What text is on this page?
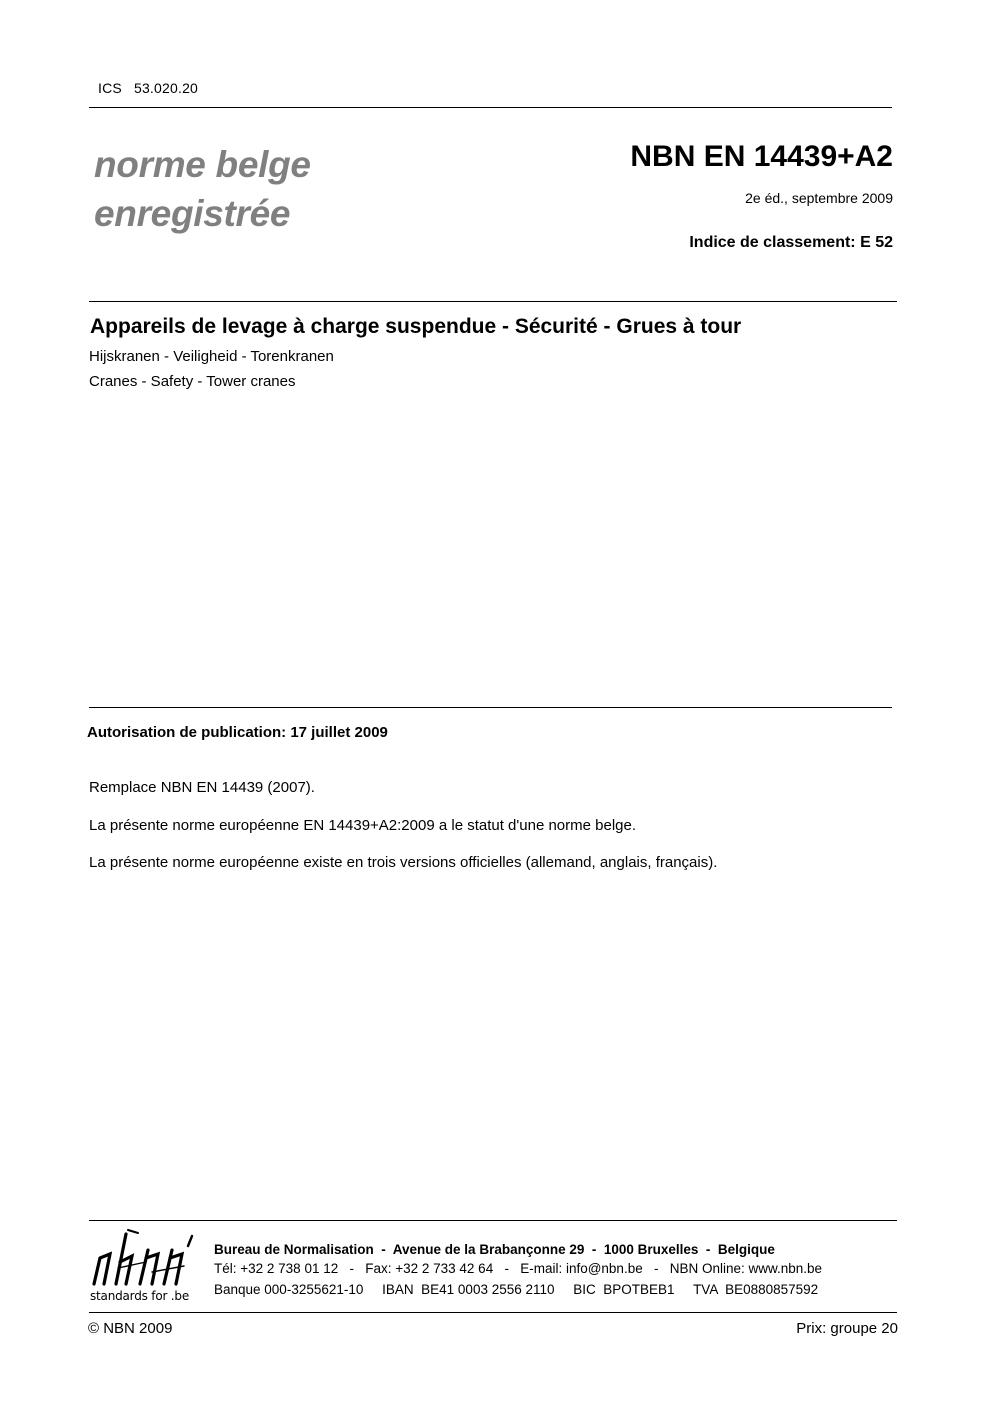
ICS 53.020.20
norme belge
enregistrée
NBN EN 14439+A2
2e éd., septembre 2009
Indice de classement: E 52
Appareils de levage à charge suspendue - Sécurité - Grues à tour
Hijskranen - Veiligheid - Torenkranen
Cranes - Safety - Tower cranes
Autorisation de publication: 17 juillet 2009
Remplace NBN EN 14439 (2007).
La présente norme européenne EN 14439+A2:2009 a le statut d'une norme belge.
La présente norme européenne existe en trois versions officielles (allemand, anglais, français).
standards for .be
Bureau de Normalisation  -  Avenue de la Brabançonne 29  -  1000 Bruxelles  -  Belgique
Tél: +32 2 738 01 12   -   Fax: +32 2 733 42 64   -   E-mail: info@nbn.be   -   NBN Online: www.nbn.be
Banque 000-3255621-10     IBAN  BE41 0003 2556 2110     BIC  BPOTBEB1     TVA  BE0880857592
© NBN 2009	Prix: groupe 20
